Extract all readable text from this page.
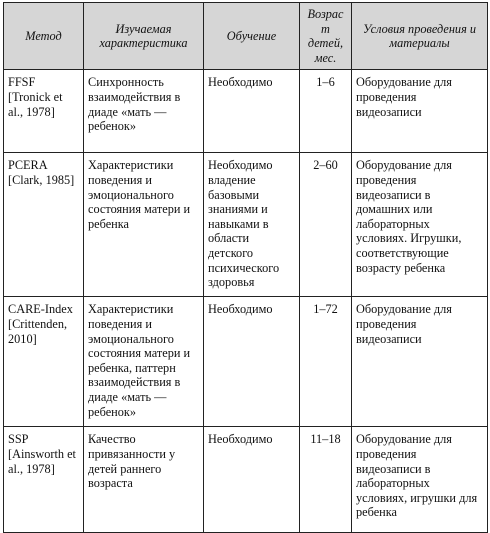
Метод	Изучаемая характеристика	Обучение	Возраст детей, мес.	Условия проведения и материалы
FFSF [Tronick et al., 1978]	Синхронность взаимодействия в диаде «мать — ребенок»	Необходимо	1–6	Оборудование для проведения видеозаписи
PCERA [Clark, 1985]	Характеристики поведения и эмоционального состояния матери и ребенка	Необходимо владение базовыми знаниями и навыками в области детского психического здоровья	2–60	Оборудование для проведения видеозаписи в домашних или лабораторных условиях. Игрушки, соответствующие возрасту ребенка
CARE-Index [Crittenden, 2010]	Характеристики поведения и эмоционального состояния матери и ребенка, паттерн взаимодействия в диаде «мать — ребенок»	Необходимо	1–72	Оборудование для проведения видеозаписи
SSP [Ainsworth et al., 1978]	Качество привязанности у детей раннего возраста	Необходимо	11–18	Оборудование для проведения видеозаписи в лабораторных условиях, игрушки для ребенка
